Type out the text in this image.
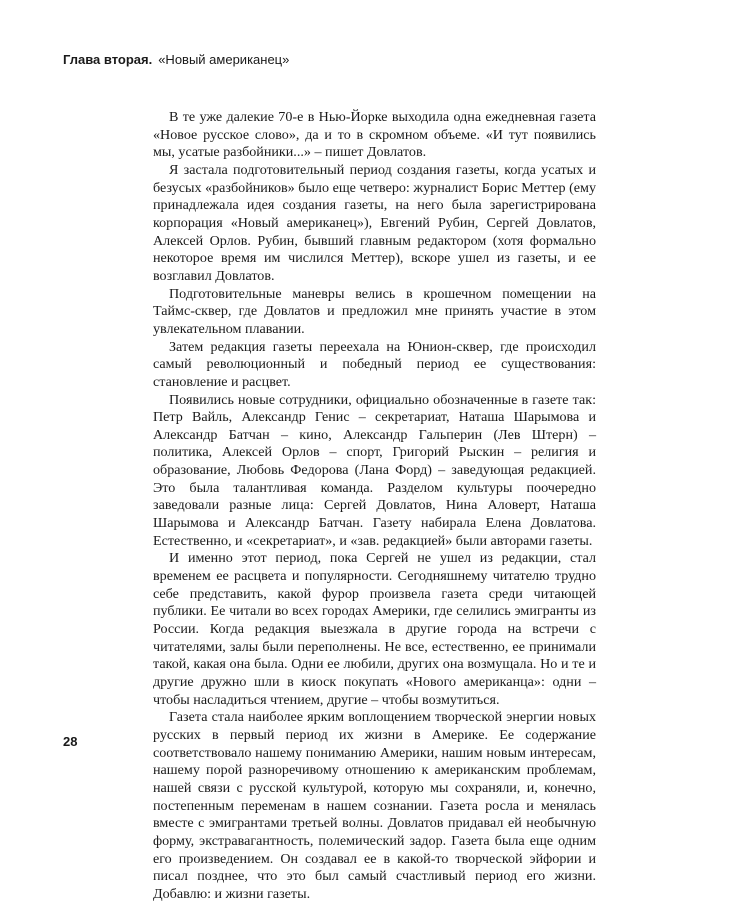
Глава вторая. «Новый американец»

В те уже далекие 70-е в Нью-Йорке выходила одна ежедневная газета «Новое русское слово», да и то в скромном объеме. «И тут появились мы, усатые разбойники...» – пишет Довлатов.

Я застала подготовительный период создания газеты, когда усатых и безусых «разбойников» было еще четверо: журналист Борис Меттер (ему принадлежала идея создания газеты, на него была зарегистрирована корпорация «Новый американец»), Евгений Рубин, Сергей Довлатов, Алексей Орлов. Рубин, бывший главным редактором (хотя формально некоторое время им числился Меттер), вскоре ушел из газеты, и ее возглавил Довлатов.

Подготовительные маневры велись в крошечном помещении на Таймс-сквер, где Довлатов и предложил мне принять участие в этом увлекательном плавании.

Затем редакция газеты переехала на Юнион-сквер, где происходил самый революционный и победный период ее существования: становление и расцвет.

Появились новые сотрудники, официально обозначенные в газете так: Петр Вайль, Александр Генис – секретариат, Наташа Шарымова и Александр Батчан – кино, Александр Гальперин (Лев Штерн) – политика, Алексей Орлов – спорт, Григорий Рыскин – религия и образование, Любовь Федорова (Лана Форд) – заведующая редакцией. Это была талантливая команда. Разделом культуры поочередно заведовали разные лица: Сергей Довлатов, Нина Аловерт, Наташа Шарымова и Александр Батчан. Газету набирала Елена Довлатова. Естественно, и «секретариат», и «зав. редакцией» были авторами газеты.

И именно этот период, пока Сергей не ушел из редакции, стал временем ее расцвета и популярности. Сегодняшнему читателю трудно себе представить, какой фурор произвела газета среди читающей публики. Ее читали во всех городах Америки, где селились эмигранты из России. Когда редакция выезжала в другие города на встречи с читателями, залы были переполнены. Не все, естественно, ее принимали такой, какая она была. Одни ее любили, других она возмущала. Но и те и другие дружно шли в киоск покупать «Нового американца»: одни – чтобы насладиться чтением, другие – чтобы возмутиться.

Газета стала наиболее ярким воплощением творческой энергии новых русских в первый период их жизни в Америке. Ее содержание соответствовало нашему пониманию Америки, нашим новым интересам, нашему порой разноречивому отношению к американским проблемам, нашей связи с русской культурой, которую мы сохраняли, и, конечно, постепенным переменам в нашем сознании. Газета росла и менялась вместе с эмигрантами третьей волны. Довлатов придавал ей необычную форму, экстравагантность, полемический задор. Газета была еще одним его произведением. Он создавал ее в какой-то творческой эйфории и писал позднее, что это был самый счастливый период его жизни. Добавлю: и жизни газеты.

28
